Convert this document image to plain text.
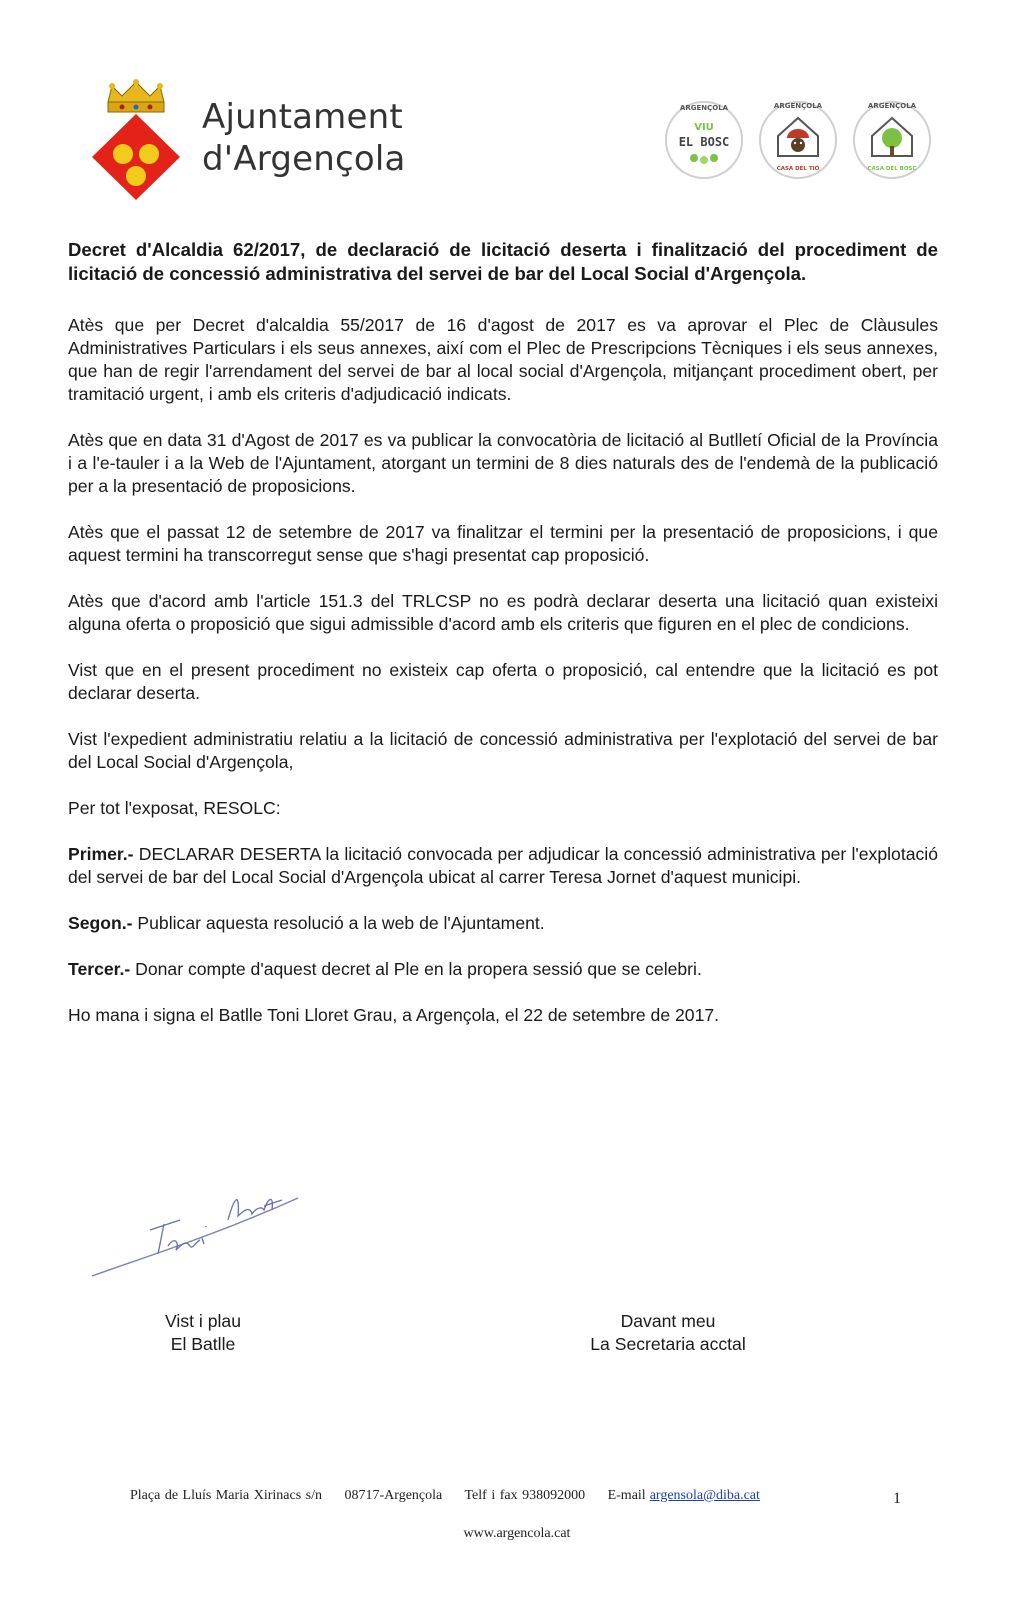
Ajuntament
d'Argençola
ARGENÇOLA
VIU
EL BOSC
ARGENÇOLA
CASA DEL TIÓ
ARGENÇOLA
CASA DEL BOSC
Decret d'Alcaldia 62/2017, de declaració de licitació deserta i finalització del procediment de licitació de concessió administrativa del servei de bar del Local Social d'Argençola.

Atès que per Decret d'alcaldia 55/2017 de 16 d'agost de 2017 es va aprovar el Plec de Clàusules Administratives Particulars i els seus annexes, així com el Plec de Prescripcions Tècniques i els seus annexes, que han de regir l'arrendament del servei de bar al local social d'Argençola, mitjançant procediment obert, per tramitació urgent, i amb els criteris d'adjudicació indicats.

Atès que en data 31 d'Agost de 2017 es va publicar la convocatòria de licitació al Butlletí Oficial de la Província i a l'e-tauler i a la Web de l'Ajuntament, atorgant un termini de 8 dies naturals des de l'endemà de la publicació per a la presentació de proposicions.

Atès que el passat 12 de setembre de 2017 va finalitzar el termini per la presentació de proposicions, i que aquest termini ha transcorregut sense que s'hagi presentat cap proposició.

Atès que d'acord amb l'article 151.3 del TRLCSP no es podrà declarar deserta una licitació quan existeixi alguna oferta o proposició que sigui admissible d'acord amb els criteris que figuren en el plec de condicions.

Vist que en el present procediment no existeix cap oferta o proposició, cal entendre que la licitació es pot declarar deserta.

Vist l'expedient administratiu relatiu a la licitació de concessió administrativa per l'explotació del servei de bar del Local Social d'Argençola,

Per tot l'exposat, RESOLC:

Primer.- DECLARAR DESERTA la licitació convocada per adjudicar la concessió administrativa per l'explotació del servei de bar del Local Social d'Argençola ubicat al carrer Teresa Jornet d'aquest municipi.

Segon.- Publicar aquesta resolució a la web de l'Ajuntament.

Tercer.- Donar compte d'aquest decret al Ple en la propera sessió que se celebri.

Ho mana i signa el Batlle Toni Lloret Grau, a Argençola, el 22 de setembre de 2017.

Vist i plau
El Batlle
Davant meu
La Secretaria acctal
Plaça de Lluís Maria Xirinacs s/n 08717-Argençola Telf i fax 938092000 E-mail argensola@diba.cat	1
www.argencola.cat
